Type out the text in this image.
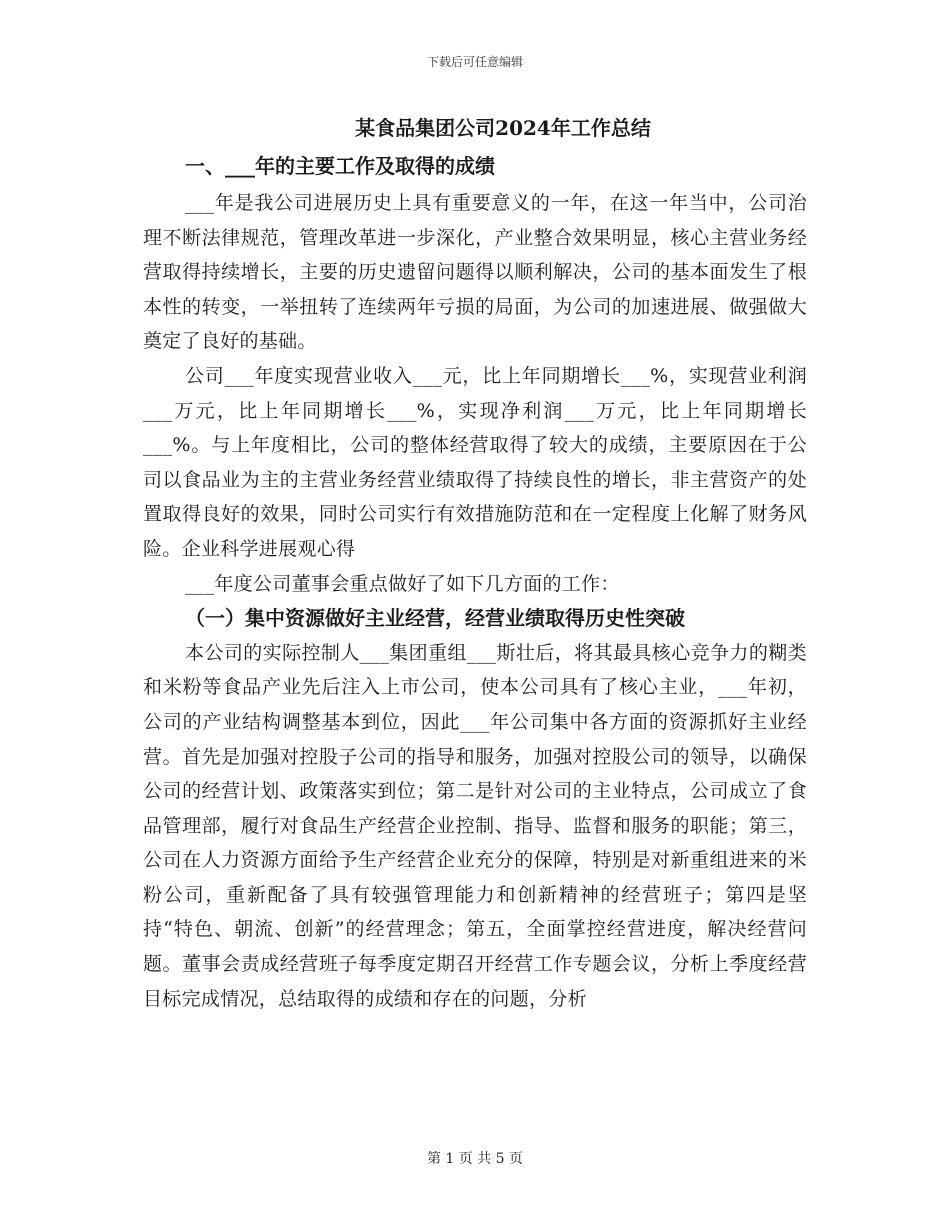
下载后可任意编辑
某食品集团公司2024年工作总结
一、___年的主要工作及取得的成绩

___年是我公司进展历史上具有重要意义的一年，在这一年当中，公司治理不断法律规范，管理改革进一步深化，产业整合效果明显，核心主营业务经营取得持续增长，主要的历史遗留问题得以顺利解决，公司的基本面发生了根本性的转变，一举扭转了连续两年亏损的局面，为公司的加速进展、做强做大奠定了良好的基础。

公司___年度实现营业收入___元，比上年同期增长___%，实现营业利润___万元，比上年同期增长___%，实现净利润___万元，比上年同期增长___%。与上年度相比，公司的整体经营取得了较大的成绩，主要原因在于公司以食品业为主的主营业务经营业绩取得了持续良性的增长，非主营资产的处置取得良好的效果，同时公司实行有效措施防范和在一定程度上化解了财务风险。企业科学进展观心得

___年度公司董事会重点做好了如下几方面的工作：

（一）集中资源做好主业经营，经营业绩取得历史性突破

本公司的实际控制人___集团重组___斯壮后，将其最具核心竞争力的糊类和米粉等食品产业先后注入上市公司，使本公司具有了核心主业，___年初，公司的产业结构调整基本到位，因此___年公司集中各方面的资源抓好主业经营。首先是加强对控股子公司的指导和服务，加强对控股公司的领导，以确保公司的经营计划、政策落实到位；第二是针对公司的主业特点，公司成立了食品管理部，履行对食品生产经营企业控制、指导、监督和服务的职能；第三，公司在人力资源方面给予生产经营企业充分的保障，特别是对新重组进来的米粉公司，重新配备了具有较强管理能力和创新精神的经营班子；第四是坚持“特色、朝流、创新”的经营理念；第五，全面掌控经营进度，解决经营问题。董事会责成经营班子每季度定期召开经营工作专题会议，分析上季度经营目标完成情况，总结取得的成绩和存在的问题，分析

第 1 页 共 5 页
